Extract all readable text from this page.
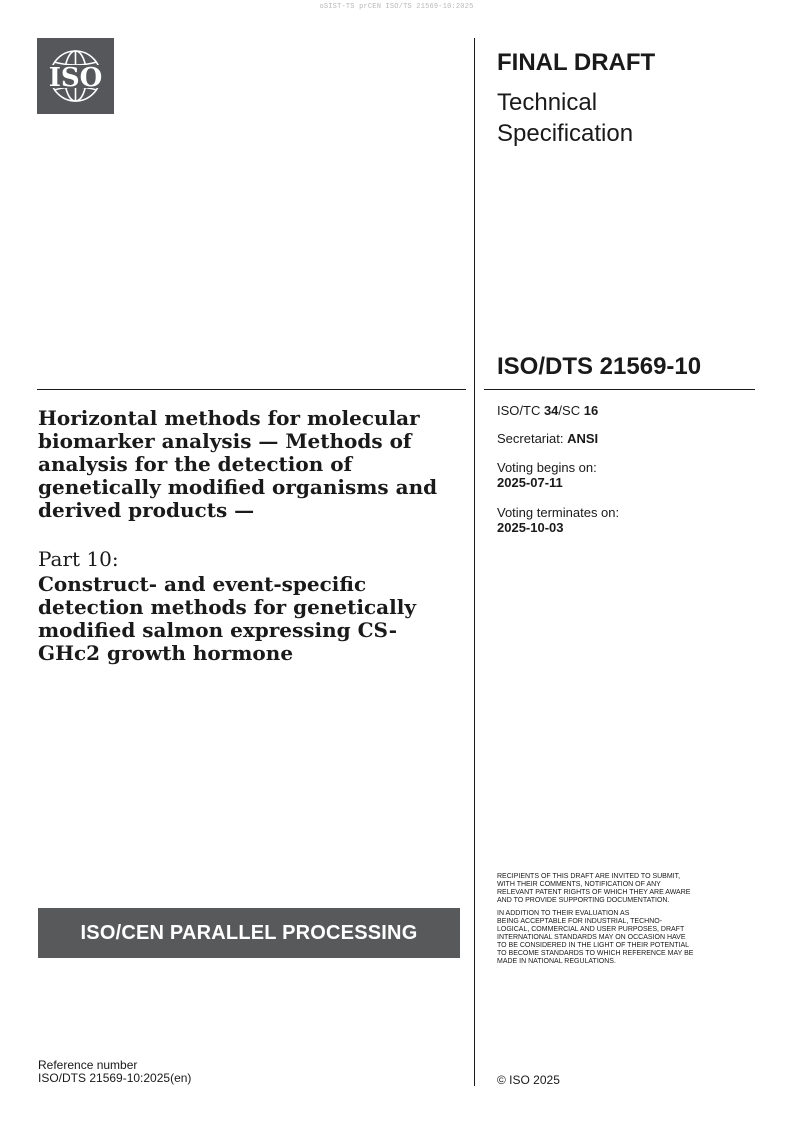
oSIST-TS prCEN ISO/TS 21569-10:2025
ISO
FINAL DRAFT
Technical Specification
ISO/DTS 21569-10
ISO/TC 34/SC 16
Secretariat: ANSI
Voting begins on:
2025-07-11
Voting terminates on:
2025-10-03
Horizontal methods for molecular biomarker analysis — Methods of analysis for the detection of genetically modified organisms and derived products —
Part 10:
Construct- and event-specific detection methods for genetically modified salmon expressing CS-GHc2 growth hormone
ISO/CEN PARALLEL PROCESSING
RECIPIENTS OF THIS DRAFT ARE INVITED TO SUBMIT,
WITH THEIR COMMENTS, NOTIFICATION OF ANY
RELEVANT PATENT RIGHTS OF WHICH THEY ARE AWARE
AND TO PROVIDE SUPPORTING DOCUMENTATION.
IN ADDITION TO THEIR EVALUATION AS
BEING ACCEPTABLE FOR INDUSTRIAL, TECHNO-
LOGICAL, COMMERCIAL AND USER PURPOSES, DRAFT
INTERNATIONAL STANDARDS MAY ON OCCASION HAVE
TO BE CONSIDERED IN THE LIGHT OF THEIR POTENTIAL
TO BECOME STANDARDS TO WHICH REFERENCE MAY BE
MADE IN NATIONAL REGULATIONS.
Reference number
ISO/DTS 21569-10:2025(en)	© ISO 2025
